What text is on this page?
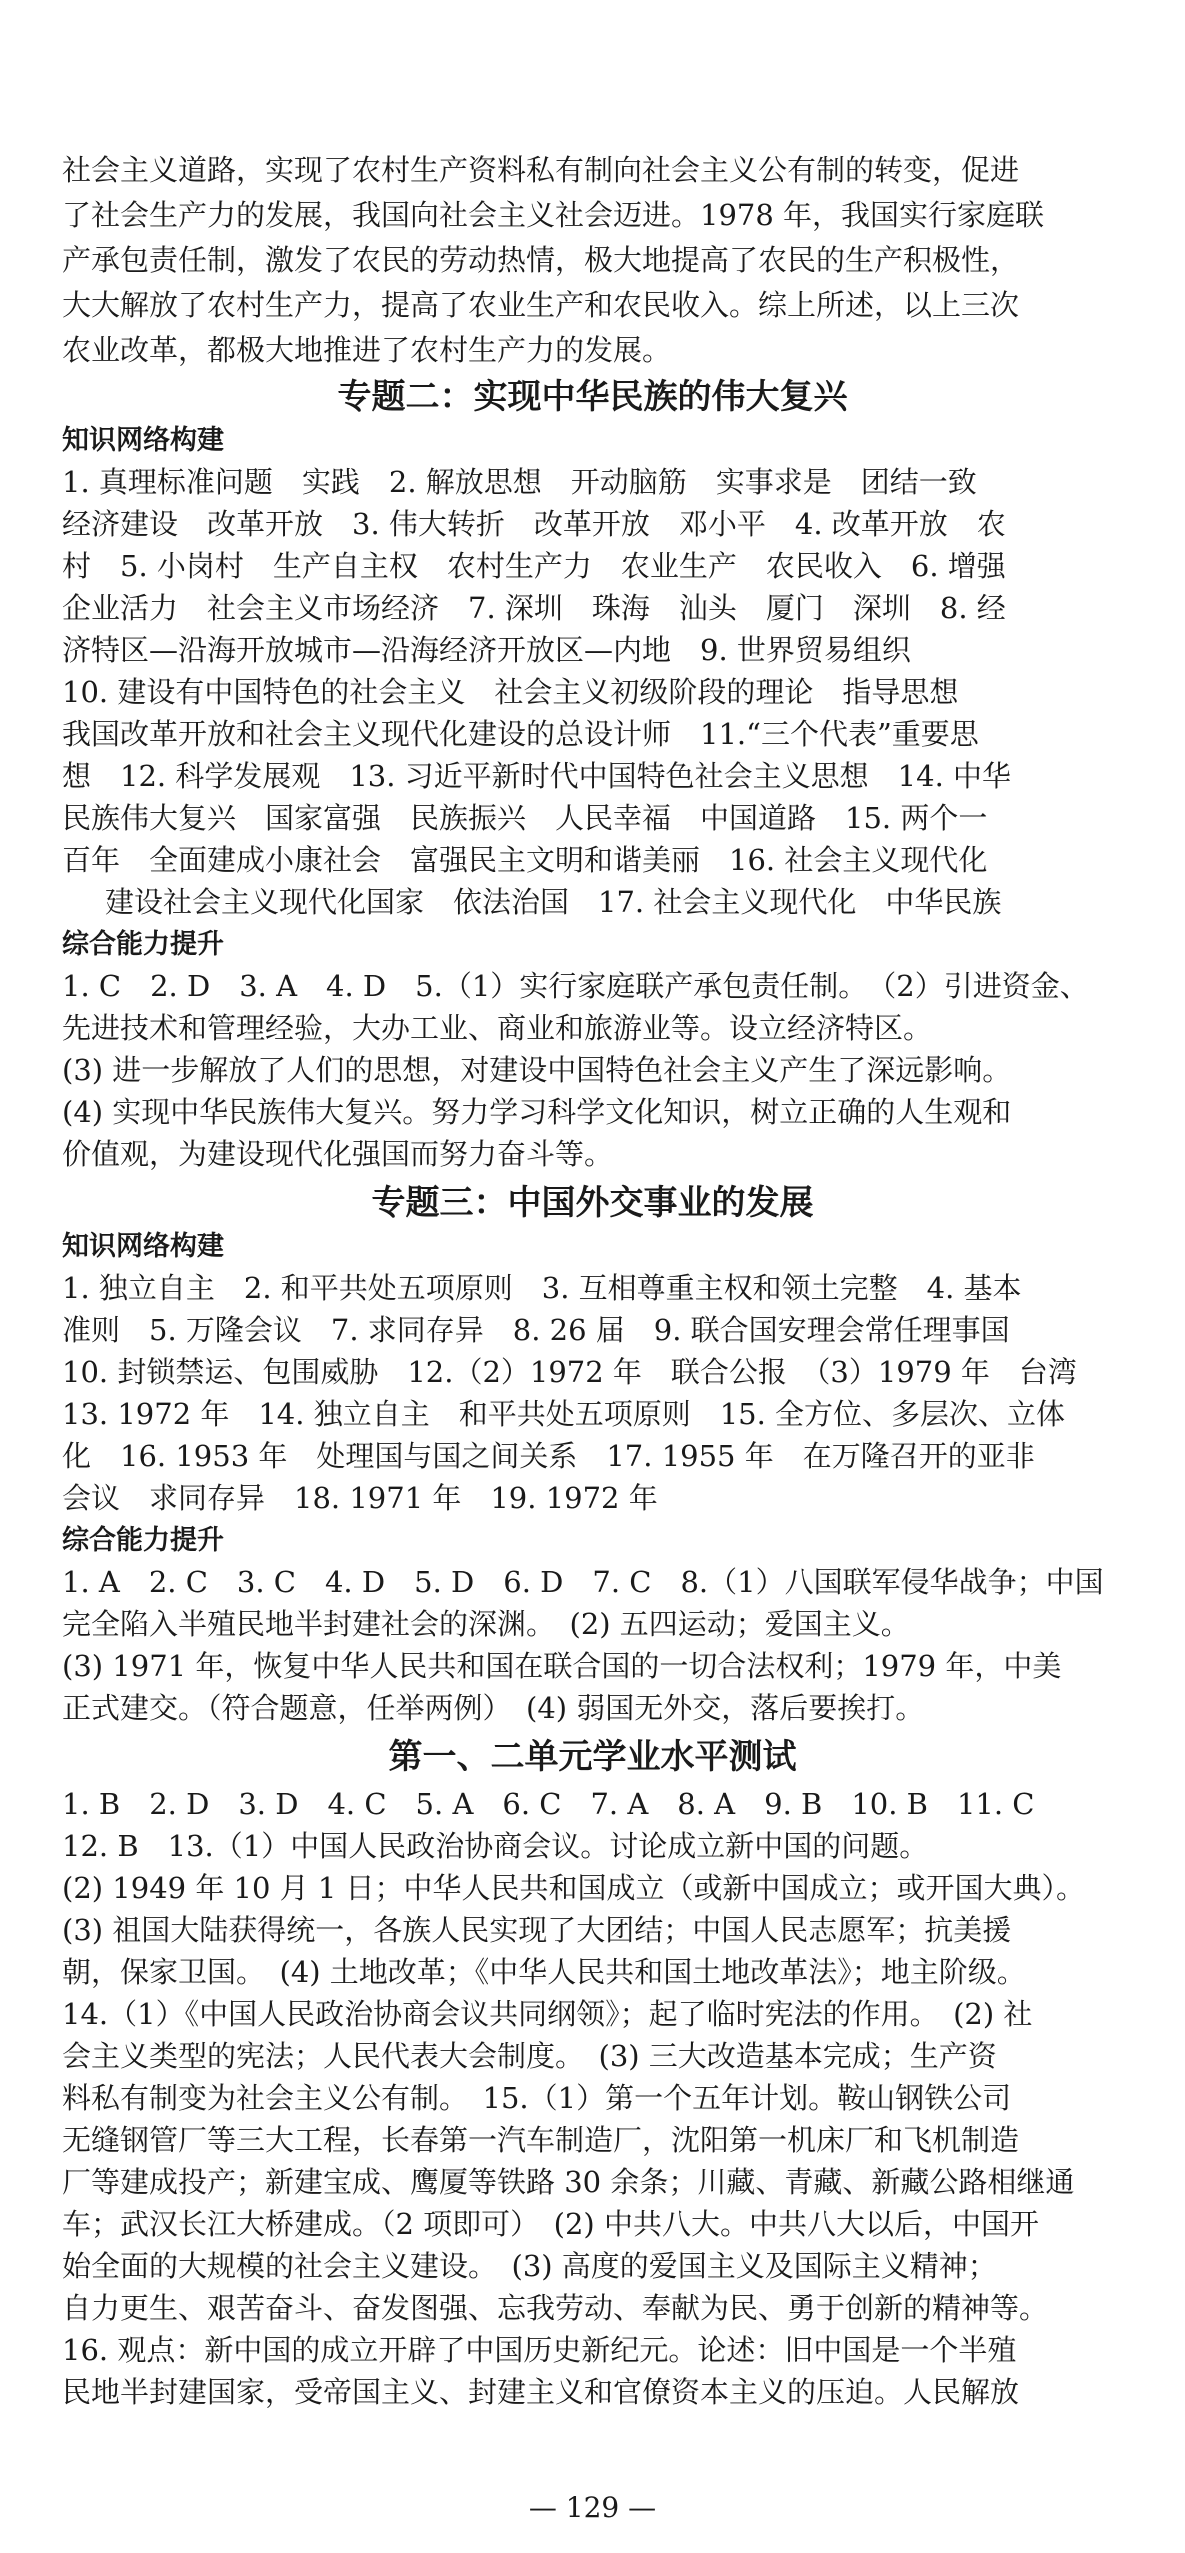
社会主义道路，实现了农村生产资料私有制向社会主义公有制的转变，促进
了社会生产力的发展，我国向社会主义社会迈进。1978 年，我国实行家庭联
产承包责任制，激发了农民的劳动热情，极大地提高了农民的生产积极性，
大大解放了农村生产力，提高了农业生产和农民收入。综上所述，以上三次
农业改革，都极大地推进了农村生产力的发展。
专题二：实现中华民族的伟大复兴
知识网络构建
1. 真理标准问题　实践　2. 解放思想　开动脑筋　实事求是　团结一致
经济建设　改革开放　3. 伟大转折　改革开放　邓小平　4. 改革开放　农
村　5. 小岗村　生产自主权　农村生产力　农业生产　农民收入　6. 增强
企业活力　社会主义市场经济　7. 深圳　珠海　汕头　厦门　深圳　8. 经
济特区—沿海开放城市—沿海经济开放区—内地　9. 世界贸易组织
10. 建设有中国特色的社会主义　社会主义初级阶段的理论　指导思想
我国改革开放和社会主义现代化建设的总设计师　11.“三个代表”重要思
想　12. 科学发展观　13. 习近平新时代中国特色社会主义思想　14. 中华
民族伟大复兴　国家富强　民族振兴　人民幸福　中国道路　15. 两个一
百年　全面建成小康社会　富强民主文明和谐美丽　16. 社会主义现代化
建设社会主义现代化国家　依法治国　17. 社会主义现代化　中华民族
综合能力提升
1. C　2. D　3. A　4. D　5.（1）实行家庭联产承包责任制。　（2）引进资金、
先进技术和管理经验，大办工业、商业和旅游业等。设立经济特区。
(3) 进一步解放了人们的思想，对建设中国特色社会主义产生了深远影响。
(4) 实现中华民族伟大复兴。努力学习科学文化知识，树立正确的人生观和
价值观，为建设现代化强国而努力奋斗等。
专题三：中国外交事业的发展
知识网络构建
1. 独立自主　2. 和平共处五项原则　3. 互相尊重主权和领土完整　4. 基本
准则　5. 万隆会议　7. 求同存异　8. 26 届　9. 联合国安理会常任理事国
10. 封锁禁运、包围威胁　12.（2）1972 年　联合公报　（3）1979 年　台湾
13. 1972 年　14. 独立自主　和平共处五项原则　15. 全方位、多层次、立体
化　16. 1953 年　处理国与国之间关系　17. 1955 年　在万隆召开的亚非
会议　求同存异　18. 1971 年　19. 1972 年
综合能力提升
1. A　2. C　3. C　4. D　5. D　6. D　7. C　8.（1）八国联军侵华战争；中国
完全陷入半殖民地半封建社会的深渊。　(2) 五四运动；爱国主义。
(3) 1971 年，恢复中华人民共和国在联合国的一切合法权利；1979 年，中美
正式建交。（符合题意，任举两例）　(4) 弱国无外交，落后要挨打。
第一、二单元学业水平测试
1. B　2. D　3. D　4. C　5. A　6. C　7. A　8. A　9. B　10. B　11. C
12. B　13.（1）中国人民政治协商会议。讨论成立新中国的问题。
(2) 1949 年 10 月 1 日；中华人民共和国成立（或新中国成立；或开国大典）。
(3) 祖国大陆获得统一，各族人民实现了大团结；中国人民志愿军；抗美援
朝，保家卫国。　(4) 土地改革；《中华人民共和国土地改革法》；地主阶级。
14.（1）《中国人民政治协商会议共同纲领》；起了临时宪法的作用。　(2) 社
会主义类型的宪法；人民代表大会制度。　(3) 三大改造基本完成；生产资
料私有制变为社会主义公有制。　15.（1）第一个五年计划。鞍山钢铁公司
无缝钢管厂等三大工程，长春第一汽车制造厂，沈阳第一机床厂和飞机制造
厂等建成投产；新建宝成、鹰厦等铁路 30 余条；川藏、青藏、新藏公路相继通
车；武汉长江大桥建成。（2 项即可）　(2) 中共八大。中共八大以后，中国开
始全面的大规模的社会主义建设。　(3) 高度的爱国主义及国际主义精神；
自力更生、艰苦奋斗、奋发图强、忘我劳动、奉献为民、勇于创新的精神等。
16. 观点：新中国的成立开辟了中国历史新纪元。论述：旧中国是一个半殖
民地半封建国家，受帝国主义、封建主义和官僚资本主义的压迫。人民解放
— 129 —
